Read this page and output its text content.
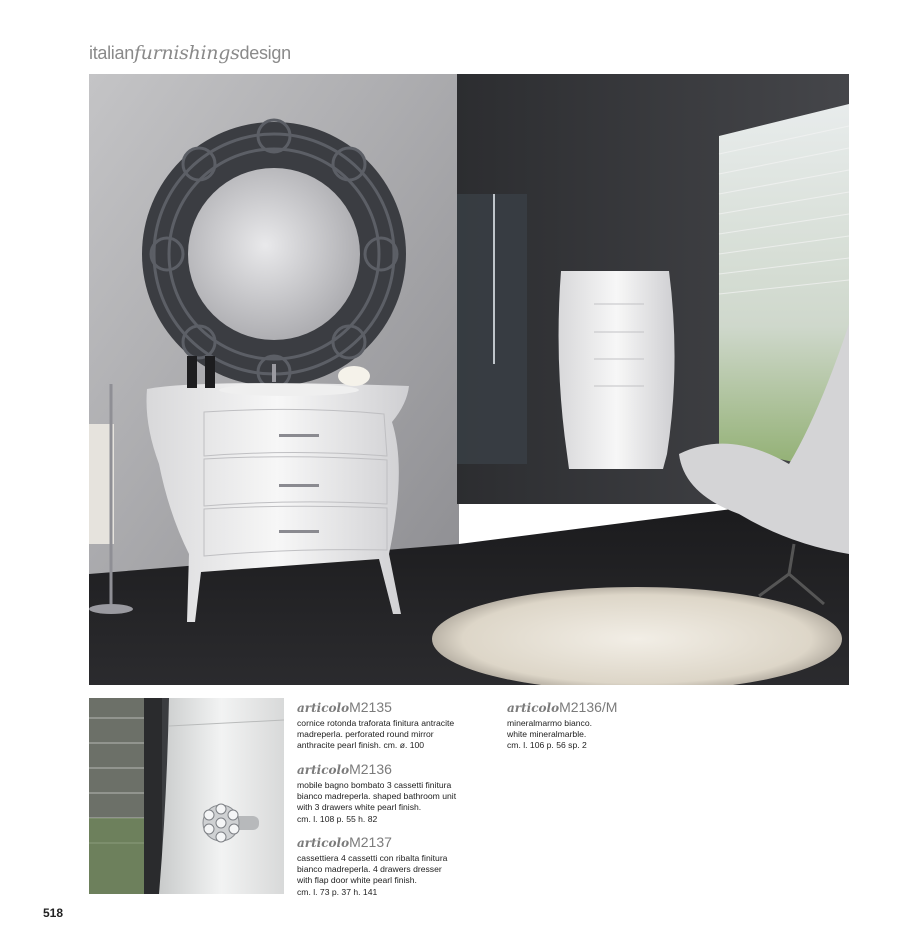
italianfurnishingsdesign
articoloM2135
cornice rotonda traforata finitura antracite
madreperla. perforated round mirror
anthracite pearl finish. cm. ø. 100
articoloM2136
mobile bagno bombato 3 cassetti finitura
bianco madreperla. shaped bathroom unit
with 3 drawers white pearl finish.
cm. l. 108 p. 55 h. 82
articoloM2137
cassettiera 4 cassetti con ribalta finitura
bianco madreperla. 4 drawers dresser
with flap door white pearl finish.
cm. l. 73 p. 37 h. 141
articoloM2136/M
mineralmarmo bianco.
white mineralmarble.
cm. l. 106 p. 56 sp. 2
518
